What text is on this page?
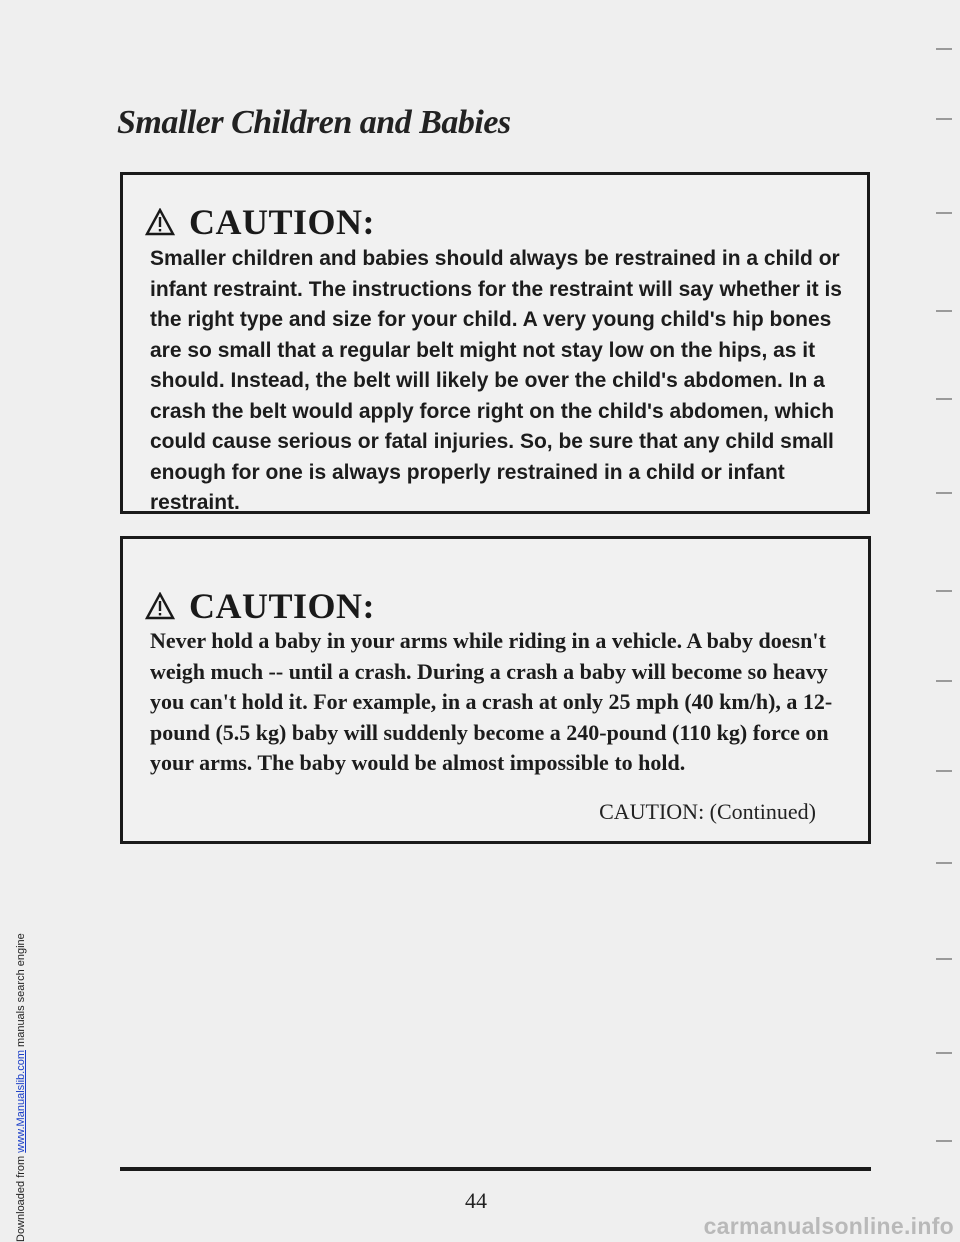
Downloaded from www.Manualslib.com manuals search engine
Smaller Children and Babies
CAUTION:

Smaller children and babies should always be restrained in a child or infant restraint. The instructions for the restraint will say whether it is the right type and size for your child. A very young child's hip bones are so small that a regular belt might not stay low on the hips, as it should. Instead, the belt will likely be over the child's abdomen. In a crash the belt would apply force right on the child's abdomen, which could cause serious or fatal injuries. So, be sure that any child small enough for one is always properly restrained in a child or infant restraint.

CAUTION:

Never hold a baby in your arms while riding in a vehicle. A baby doesn't weigh much -- until a crash. During a crash a baby will become so heavy you can't hold it. For example, in a crash at only 25 mph (40 km/h), a 12-pound (5.5 kg) baby will suddenly become a 240-pound (110 kg) force on your arms. The baby would be almost impossible to hold.

CAUTION: (Continued)
44
carmanualsonline.info
